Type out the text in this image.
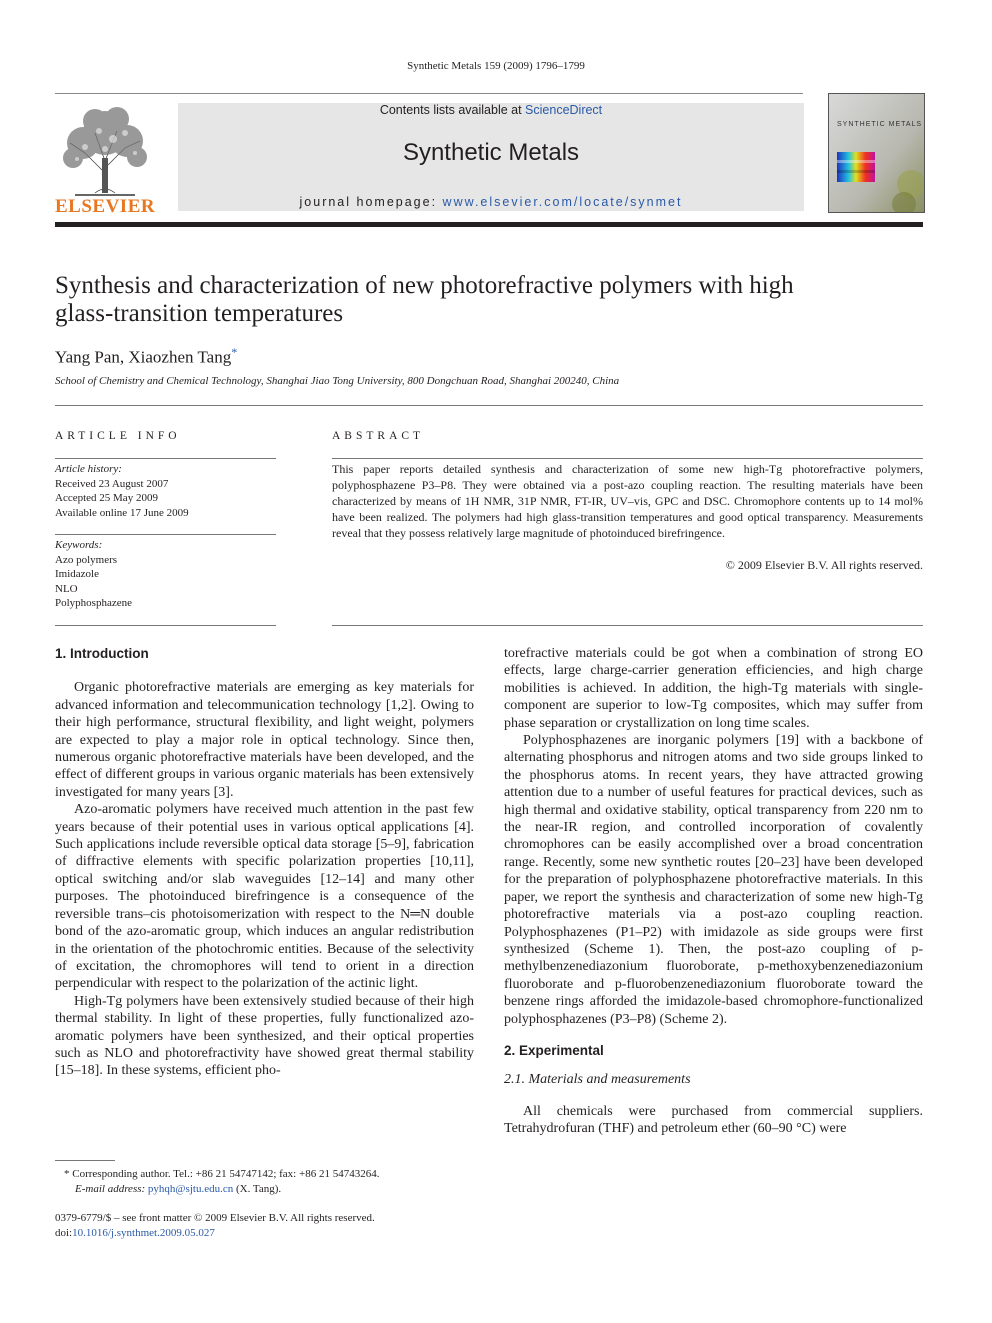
Synthetic Metals 159 (2009) 1796–1799
ELSEVIER
Contents lists available at ScienceDirect
Synthetic Metals
journal homepage: www.elsevier.com/locate/synmet
SYNTHETIC METALS
Synthesis and characterization of new photorefractive polymers with high
glass-transition temperatures
Yang Pan, Xiaozhen Tang*
School of Chemistry and Chemical Technology, Shanghai Jiao Tong University, 800 Dongchuan Road, Shanghai 200240, China
ARTICLE INFO
Article history:
Received 23 August 2007
Accepted 25 May 2009
Available online 17 June 2009
Keywords:
Azo polymers
Imidazole
NLO
Polyphosphazene
ABSTRACT
This paper reports detailed synthesis and characterization of some new high-Tg photorefractive polymers, polyphosphazene P3–P8. They were obtained via a post-azo coupling reaction. The resulting materials have been characterized by means of 1H NMR, 31P NMR, FT-IR, UV–vis, GPC and DSC. Chromophore contents up to 14 mol% have been realized. The polymers had high glass-transition temperatures and good optical transparency. Measurements reveal that they possess relatively large magnitude of photoinduced birefringence.
© 2009 Elsevier B.V. All rights reserved.

1. Introduction

Organic photorefractive materials are emerging as key materials for advanced information and telecommunication technology [1,2]. Owing to their high performance, structural flexibility, and light weight, polymers are expected to play a major role in optical technology. Since then, numerous organic photorefractive materials have been developed, and the effect of different groups in various organic materials has been extensively investigated for many years [3].

Azo-aromatic polymers have received much attention in the past few years because of their potential uses in various optical applications [4]. Such applications include reversible optical data storage [5–9], fabrication of diffractive elements with specific polarization properties [10,11], optical switching and/or slab waveguides [12–14] and many other purposes. The photoinduced birefringence is a consequence of the reversible trans–cis photoisomerization with respect to the N═N double bond of the azo-aromatic group, which induces an angular redistribution in the orientation of the photochromic entities. Because of the selectivity of excitation, the chromophores will tend to orient in a direction perpendicular with respect to the polarization of the actinic light.

High-Tg polymers have been extensively studied because of their high thermal stability. In light of these properties, fully functionalized azo-aromatic polymers have been synthesized, and their optical properties such as NLO and photorefractivity have showed great thermal stability [15–18]. In these systems, efficient pho-

torefractive materials could be got when a combination of strong EO effects, large charge-carrier generation efficiencies, and high charge mobilities is achieved. In addition, the high-Tg materials with single-component are superior to low-Tg composites, which may suffer from phase separation or crystallization on long time scales.

Polyphosphazenes are inorganic polymers [19] with a backbone of alternating phosphorus and nitrogen atoms and two side groups linked to the phosphorus atoms. In recent years, they have attracted growing attention due to a number of useful features for practical devices, such as high thermal and oxidative stability, optical transparency from 220 nm to the near-IR region, and controlled incorporation of covalently chromophores can be easily accomplished over a broad concentration range. Recently, some new synthetic routes [20–23] have been developed for the preparation of polyphosphazene photorefractive materials. In this paper, we report the synthesis and characterization of some new high-Tg photorefractive materials via a post-azo coupling reaction. Polyphosphazenes (P1–P2) with imidazole as side groups were first synthesized (Scheme 1). Then, the post-azo coupling of p-methylbenzenediazonium fluoroborate, p-methoxybenzenediazonium fluoroborate and p-fluorobenzenediazonium fluoroborate toward the benzene rings afforded the imidazole-based chromophore-functionalized polyphosphazenes (P3–P8) (Scheme 2).

2. Experimental

2.1. Materials and measurements

All chemicals were purchased from commercial suppliers. Tetrahydrofuran (THF) and petroleum ether (60–90 °C) were

* Corresponding author. Tel.: +86 21 54747142; fax: +86 21 54743264.
E-mail address: pyhqh@sjtu.edu.cn (X. Tang).
0379-6779/$ – see front matter © 2009 Elsevier B.V. All rights reserved.
doi:10.1016/j.synthmet.2009.05.027
